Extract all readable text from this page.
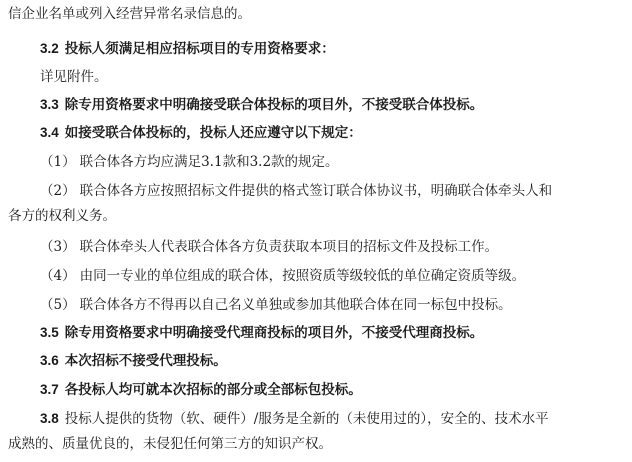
信企业名单或列入经营异常名录信息的。
3.2 投标人须满足相应招标项目的专用资格要求：
详见附件。
3.3 除专用资格要求中明确接受联合体投标的项目外，不接受联合体投标。
3.4 如接受联合体投标的，投标人还应遵守以下规定：
（1） 联合体各方均应满足3.1款和3.2款的规定。
（2） 联合体各方应按照招标文件提供的格式签订联合体协议书，明确联合体牵头人和
各方的权利义务。
（3） 联合体牵头人代表联合体各方负责获取本项目的招标文件及投标工作。
（4） 由同一专业的单位组成的联合体，按照资质等级较低的单位确定资质等级。
（5） 联合体各方不得再以自己名义单独或参加其他联合体在同一标包中投标。
3.5 除专用资格要求中明确接受代理商投标的项目外，不接受代理商投标。
3.6 本次招标不接受代理投标。
3.7 各投标人均可就本次招标的部分或全部标包投标。
3.8 投标人提供的货物（软、硬件）/服务是全新的（未使用过的），安全的、技术水平
成熟的、质量优良的，未侵犯任何第三方的知识产权。
